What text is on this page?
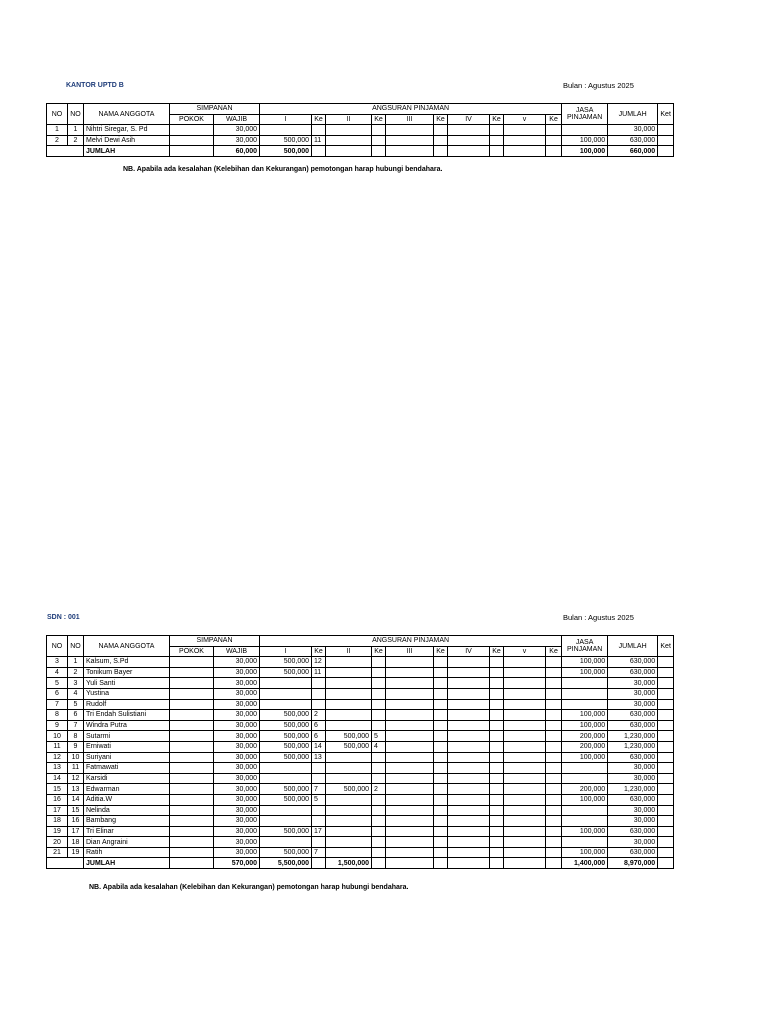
KANTOR UPTD B	Bulan : Agustus 2025
NO	NO	NAMA ANGGOTA	SIMPANAN		ANGSURAN PINJAMAN										JASA PINJAMAN	JUMLAH	Ket
			POKOK	WAJIB	I	Ke	II	Ke	III	Ke	IV	Ke	v	Ke			
1	1	Nihtri Siregar, S. Pd		30,000												30,000	
2	2	Melvi Dewi Asih		30,000	500,000	11									100,000	630,000	
		JUMLAH		60,000	500,000										100,000	660,000	
NB. Apabila ada kesalahan (Kelebihan dan Kekurangan) pemotongan harap hubungi bendahara.
SDN : 001	Bulan : Agustus 2025
NO	NO	NAMA ANGGOTA	SIMPANAN		ANGSURAN PINJAMAN										JASA PINJAMAN	JUMLAH	Ket
			POKOK	WAJIB	I	Ke	II	Ke	III	Ke	IV	Ke	v	Ke			
3	1	Kalsum, S.Pd		30,000	500,000	12									100,000	630,000	
4	2	Tonikum Bayer		30,000	500,000	11									100,000	630,000	
5	3	Yuli Santi		30,000												30,000	
6	4	Yustina		30,000												30,000	
7	5	Rudolf		30,000												30,000	
8	6	Tri Endah Sulistiani		30,000	500,000	2									100,000	630,000	
9	7	Windra Putra		30,000	500,000	6									100,000	630,000	
10	8	Sutarmi		30,000	500,000	6	500,000	5							200,000	1,230,000	
11	9	Erniwati		30,000	500,000	14	500,000	4							200,000	1,230,000	
12	10	Suriyani		30,000	500,000	13									100,000	630,000	
13	11	Fatmawati		30,000												30,000	
14	12	Karsidi		30,000												30,000	
15	13	Edwarman		30,000	500,000	7	500,000	2							200,000	1,230,000	
16	14	Aditia.W		30,000	500,000	5									100,000	630,000	
17	15	Nelinda		30,000												30,000	
18	16	Bambang		30,000												30,000	
19	17	Tri Elinar		30,000	500,000	17									100,000	630,000	
20	18	Dian Angraini		30,000												30,000	
21	19	Ratih		30,000	500,000	7									100,000	630,000	
		JUMLAH		570,000	5,500,000		1,500,000								1,400,000	8,970,000	
NB. Apabila ada kesalahan (Kelebihan dan Kekurangan) pemotongan harap hubungi bendahara.
